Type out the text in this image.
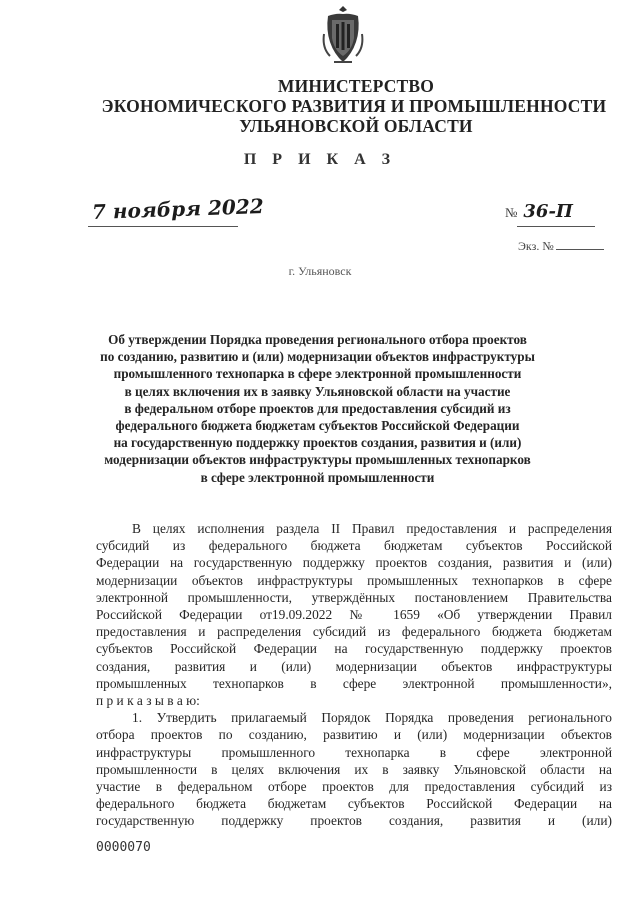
МИНИСТЕРСТВО
ЭКОНОМИЧЕСКОГО РАЗВИТИЯ И ПРОМЫШЛЕННОСТИ
УЛЬЯНОВСКОЙ ОБЛАСТИ
П Р И К А З
7 ноября 2022	№ 36-П
Экз. №
г. Ульяновск
Об утверждении Порядка проведения регионального отбора проектов
по созданию, развитию и (или) модернизации объектов инфраструктуры
промышленного технопарка в сфере электронной промышленности
в целях включения их в заявку Ульяновской области на участие
в федеральном отборе проектов для предоставления субсидий из
федерального бюджета бюджетам субъектов Российской Федерации
на государственную поддержку проектов создания, развития и (или)
модернизации объектов инфраструктуры промышленных технопарков
в сфере электронной промышленности
В целях исполнения раздела II Правил предоставления и распределения
субсидий из федерального бюджета бюджетам субъектов Российской
Федерации на государственную поддержку проектов создания, развития и (или)
модернизации объектов инфраструктуры промышленных технопарков в сфере
электронной промышленности, утверждённых постановлением Правительства
Российской Федерации от19.09.2022 № 1659 «Об утверждении Правил
предоставления и распределения субсидий из федерального бюджета бюджетам
субъектов Российской Федерации на государственную поддержку проектов
создания, развития и (или) модернизации объектов инфраструктуры
промышленных технопарков в сфере электронной промышленности»,
п р и к а з ы в а ю:
1. Утвердить прилагаемый Порядок Порядка проведения регионального
отбора проектов по созданию, развитию и (или) модернизации объектов
инфраструктуры промышленного технопарка в сфере электронной
промышленности в целях включения их в заявку Ульяновской области на
участие в федеральном отборе проектов для предоставления субсидий из
федерального бюджета бюджетам субъектов Российской Федерации на
государственную поддержку проектов создания, развития и (или)
0000070
